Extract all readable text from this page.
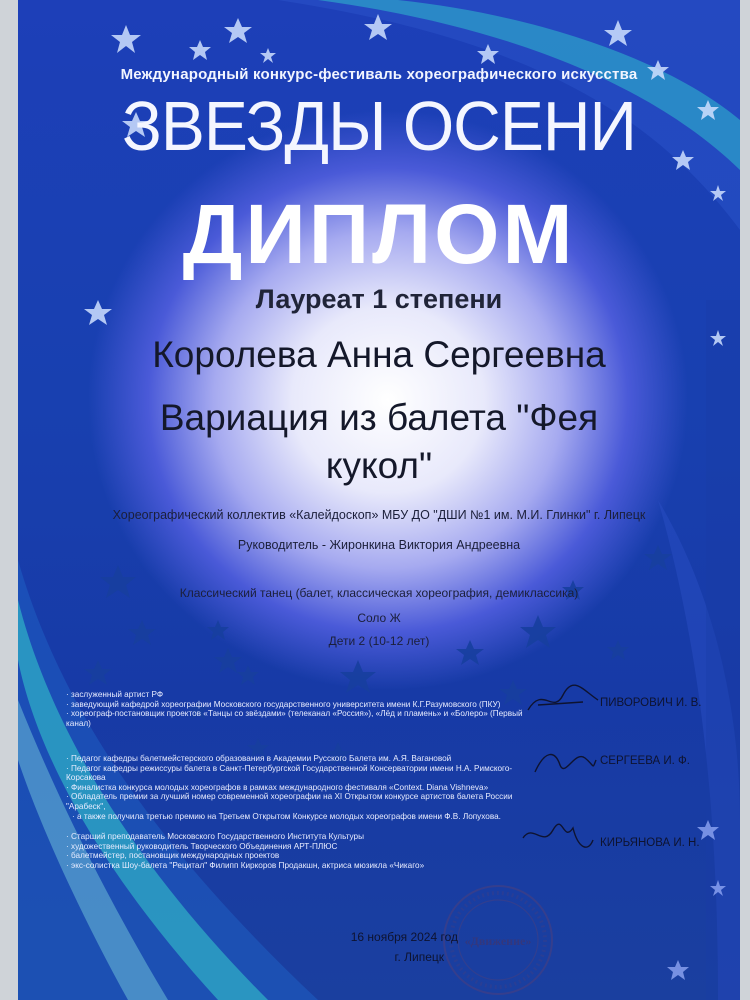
Международный конкурс-фестиваль хореографического искусства
ЗВЕЗДЫ ОСЕНИ
ДИПЛОМ
Лауреат 1 степени
Королева Анна Сергеевна
Вариация из балета "Фея
кукол"
Хореографический коллектив «Калейдоскоп» МБУ ДО "ДШИ №1 им. М.И. Глинки" г. Липецк
Руководитель - Жиронкина Виктория Андреевна
Классический танец (балет, классическая хореография, демиклассика)
Соло Ж
Дети 2 (10-12 лет)
· заслуженный артист РФ
· заведующий кафедрой хореографии Московского государственного университета имени К.Г.Разумовского (ПКУ)
· хореограф-постановщик проектов «Танцы со звёздами» (телеканал «Россия»), «Лёд и пламень» и «Болеро» (Первый канал)
ПИВОРОВИЧ И. В.
· Педагог кафедры балетмейстерского образования в Академии Русского Балета им. А.Я. Вагановой
· Педагог кафедры режиссуры балета в Санкт-Петербургской Государственной Консерватории имени Н.А. Римского-Корсакова
· Финалистка конкурса молодых хореографов в рамках международного фестиваля «Context. Diana Vishneva»
· Обладатель премии за лучший номер современной хореографии на XI Открытом конкурсе артистов балета России "Арабеск",
· а также получила третью премию на Третьем Открытом Конкурсе молодых хореографов имени Ф.В. Лопухова.
СЕРГЕЕВА И. Ф.
· Старший преподаватель Московского Государственного Института Культуры
· художественный руководитель Творческого Объединения АРТ-ПЛЮС
· балетмейстер, постановщик международных проектов
· экс-солистка Шоу-балета "Рецитал" Филипп Киркоров Продакшн, актриса мюзикла «Чикаго»
КИРЬЯНОВА И. Н.
«Движение»
16 ноября 2024 год
г. Липецк
